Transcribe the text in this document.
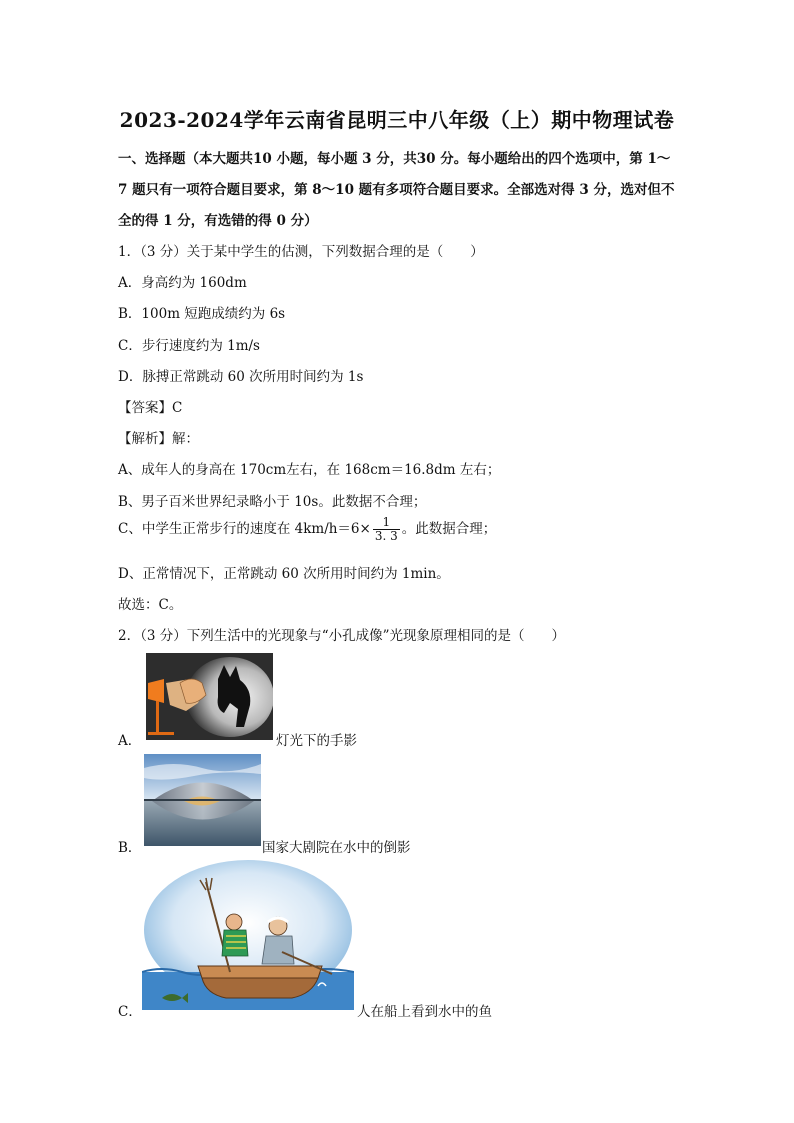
2023-2024学年云南省昆明三中八年级（上）期中物理试卷
一、选择题（本大题共10 小题，每小题 3 分，共30 分。每小题给出的四个选项中，第 1～
7 题只有一项符合题目要求，第 8～10 题有多项符合题目要求。全部选对得 3 分，选对但不
全的得 1 分，有选错的得 0 分）
1．（3 分）关于某中学生的估测，下列数据合理的是（　　）
A．身高约为 160dm
B．100m 短跑成绩约为 6s
C．步行速度约为 1m/s
D．脉搏正常跳动 60 次所用时间约为 1s
【答案】C
【解析】解：
A、成年人的身高在 170cm左右，在 168cm＝16.8dm 左右；
B、男子百米世界纪录略小于 10s。此数据不合理；
C、中学生正常步行的速度在 $4km/h=6\times \frac{1}{3. 3}$ 。此数据合理；
D、正常情况下，正常跳动 60 次所用时间约为 1min。
故选：C。
2．（3 分）下列生活中的光现象与“小孔成像”光现象原理相同的是（　　）
A．	灯光下的手影
B．	国家大剧院在水中的倒影
C．	人在船上看到水中的鱼
